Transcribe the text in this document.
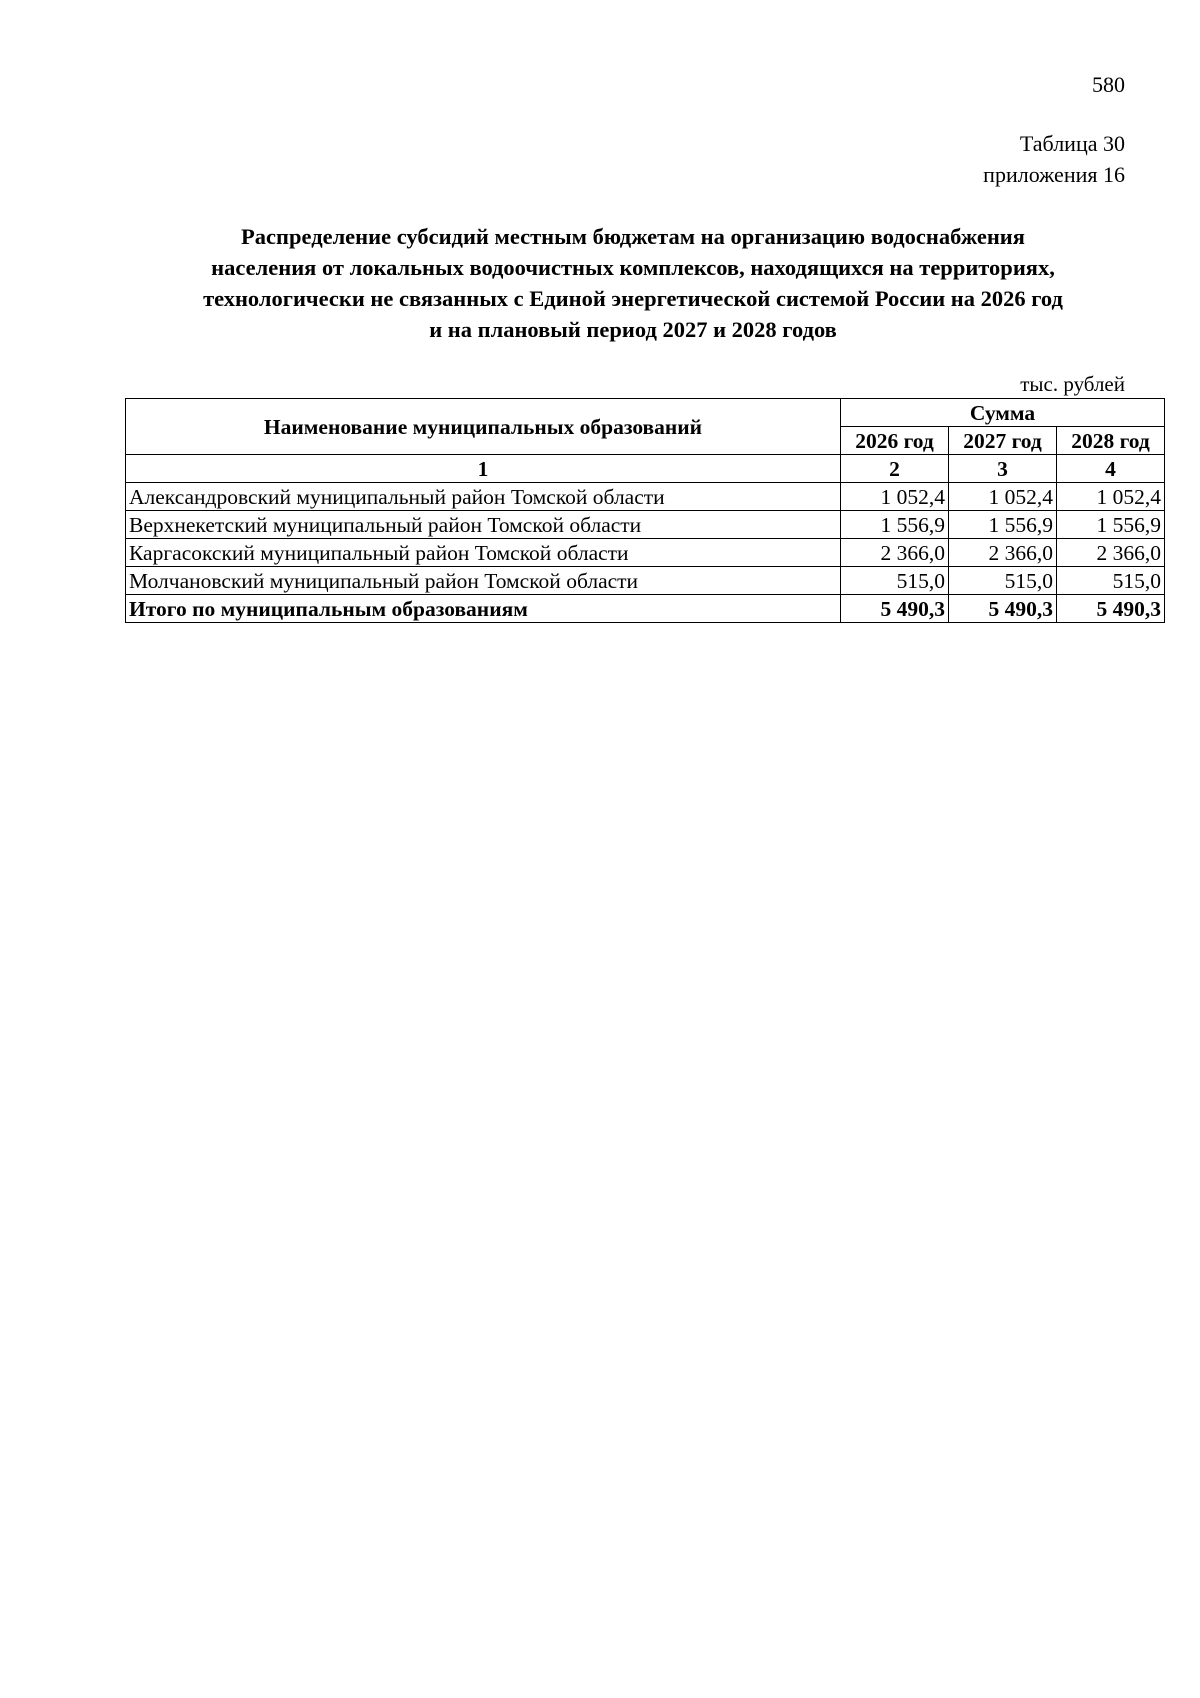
580
Таблица 30
приложения 16
Распределение субсидий местным бюджетам на организацию водоснабжения
населения от локальных водоочистных комплексов, находящихся на территориях,
технологически не связанных с Единой энергетической системой России на 2026 год
и на плановый период 2027 и 2028 годов
тыс. рублей
Наименование муниципальных образований	Сумма		
	2026 год	2027 год	2028 год
1	2	3	4
Александровский муниципальный район Томской области	1 052,4	1 052,4	1 052,4
Верхнекетский муниципальный район Томской области	1 556,9	1 556,9	1 556,9
Каргасокский муниципальный район Томской области	2 366,0	2 366,0	2 366,0
Молчановский муниципальный район Томской области	515,0	515,0	515,0
Итого по муниципальным образованиям	5 490,3	5 490,3	5 490,3
